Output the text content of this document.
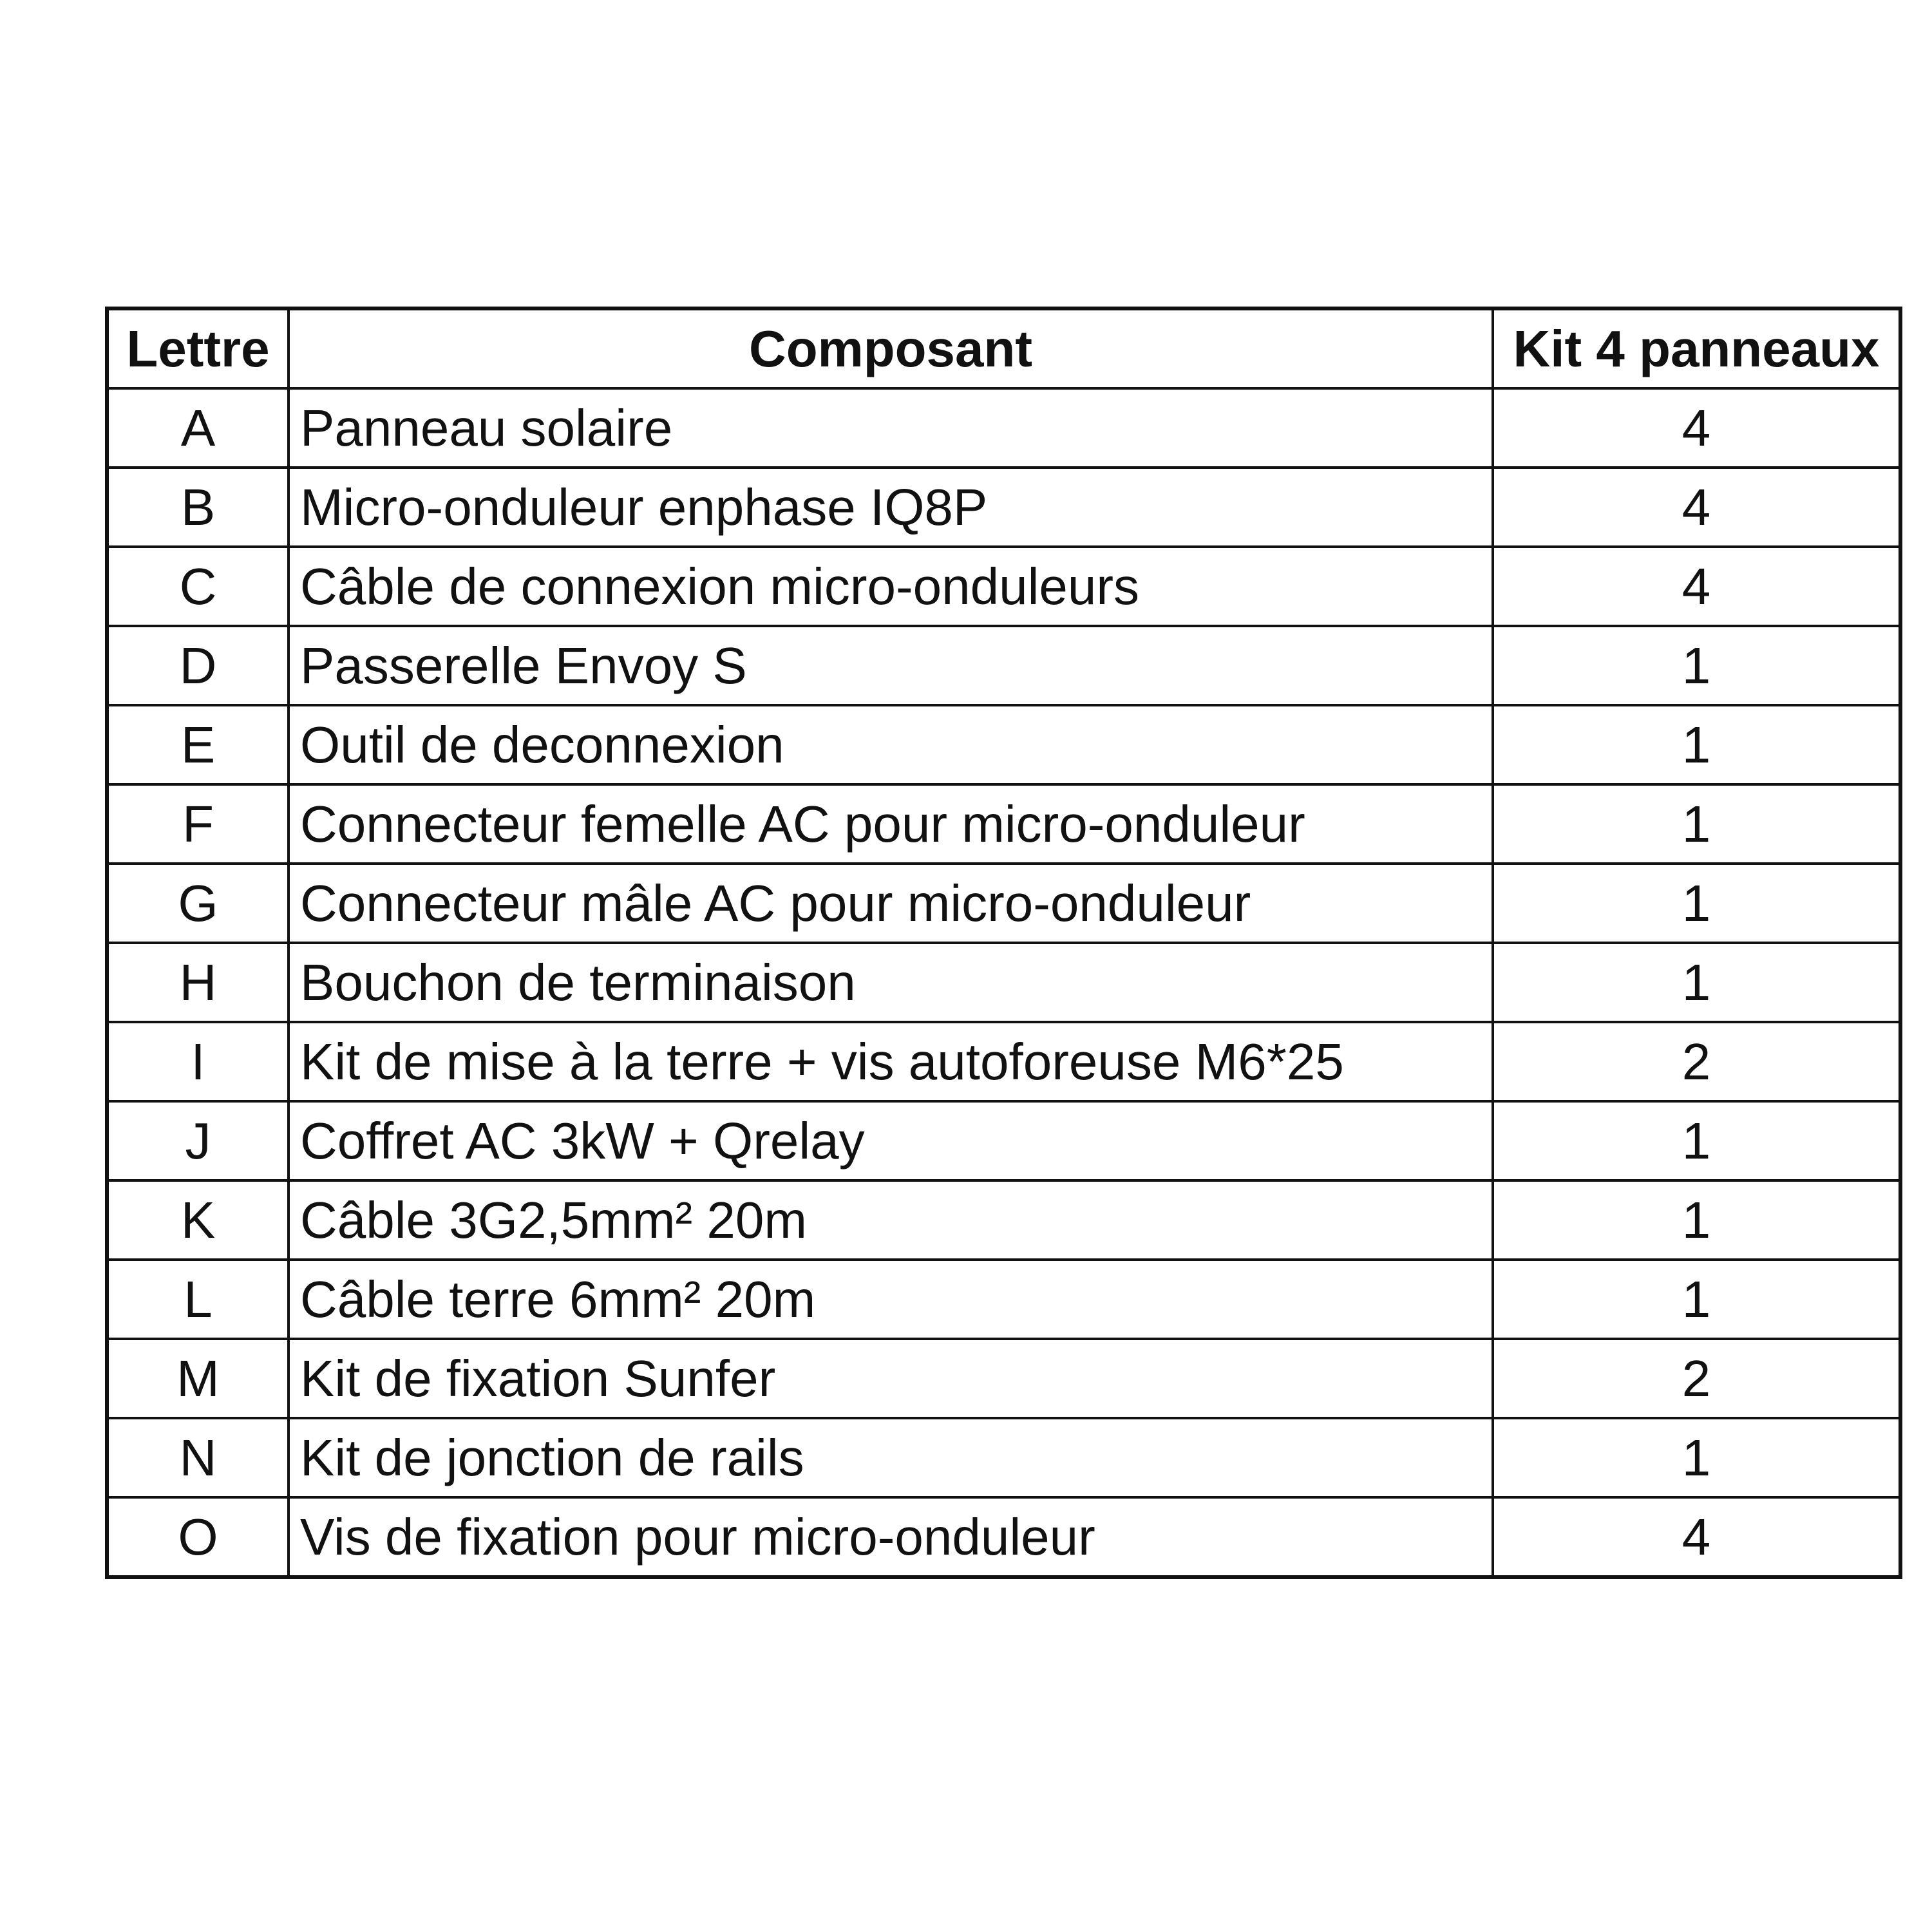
Lettre	Composant	Kit 4 panneaux
A	Panneau solaire	4
B	Micro-onduleur enphase IQ8P	4
C	Câble de connexion micro-onduleurs	4
D	Passerelle Envoy S	1
E	Outil de deconnexion	1
F	Connecteur femelle AC pour micro-onduleur	1
G	Connecteur mâle AC pour micro-onduleur	1
H	Bouchon de terminaison	1
I	Kit de mise à la terre + vis autoforeuse M6*25	2
J	Coffret AC 3kW + Qrelay	1
K	Câble 3G2,5mm² 20m	1
L	Câble terre 6mm² 20m	1
M	Kit de fixation Sunfer	2
N	Kit de jonction de rails	1
O	Vis de fixation pour micro-onduleur	4
